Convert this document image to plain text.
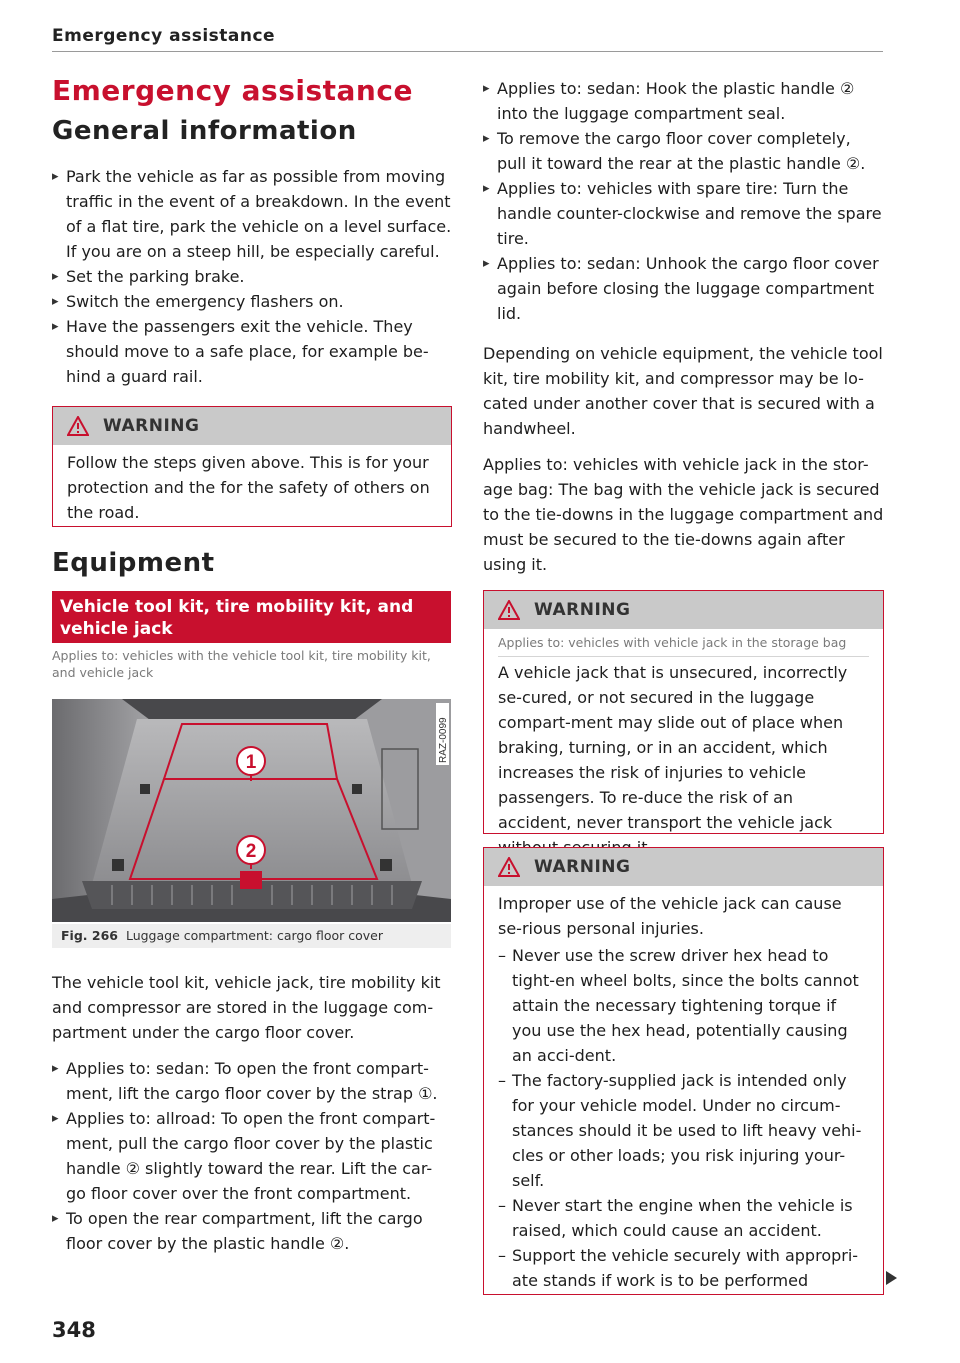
Emergency assistance
Emergency assistance
General information
▸ Park the vehicle as far as possible from moving traffic in the event of a breakdown. In the event of a flat tire, park the vehicle on a level surface. If you are on a steep hill, be especially careful.
▸ Set the parking brake.
▸ Switch the emergency flashers on.
▸ Have the passengers exit the vehicle. They should move to a safe place, for example be-hind a guard rail.
WARNING
Follow the steps given above. This is for your protection and the for the safety of others on the road.
Equipment
Vehicle tool kit, tire mobility kit, and vehicle jack
Applies to: vehicles with the vehicle tool kit, tire mobility kit, and vehicle jack
1
2
RAZ-0099
Fig. 266 Luggage compartment: cargo floor cover
The vehicle tool kit, vehicle jack, tire mobility kit and compressor are stored in the luggage com-partment under the cargo floor cover.
▸ Applies to: sedan: To open the front compart-ment, lift the cargo floor cover by the strap ①.
▸ Applies to: allroad: To open the front compart-ment, pull the cargo floor cover by the plastic handle ② slightly toward the rear. Lift the car-go floor cover over the front compartment.
▸ To open the rear compartment, lift the cargo floor cover by the plastic handle ②.
348
▸ Applies to: sedan: Hook the plastic handle ② into the luggage compartment seal.
▸ To remove the cargo floor cover completely, pull it toward the rear at the plastic handle ②.
▸ Applies to: vehicles with spare tire: Turn the handle counter-clockwise and remove the spare tire.
▸ Applies to: sedan: Unhook the cargo floor cover again before closing the luggage compartment lid.
Depending on vehicle equipment, the vehicle tool kit, tire mobility kit, and compressor may be lo-cated under another cover that is secured with a handwheel.
Applies to: vehicles with vehicle jack in the stor-age bag: The bag with the vehicle jack is secured to the tie-downs in the luggage compartment and must be secured to the tie-downs again after using it.
WARNING
Applies to: vehicles with vehicle jack in the storage bag
A vehicle jack that is unsecured, incorrectly se-cured, or not secured in the luggage compart-ment may slide out of place when braking, turning, or in an accident, which increases the risk of injuries to vehicle passengers. To re-duce the risk of an accident, never transport the vehicle jack
WARNING
Improper use of the vehicle jack can cause se-rious personal injuries.
– Never use the screw driver hex head to tight-en wheel bolts, since the bolts cannot attain the necessary tightening torque if you use the hex head, potentially causing an acci-dent.
– The factory-supplied jack is intended only for your vehicle model. Under no circum-stances should it be used to lift heavy vehi-cles or other loads; you risk injuring your-self.
– Never start the engine when the vehicle is raised, which could cause an accident.
– Support the vehicle securely with appropri-ate stands if work is to be performed
